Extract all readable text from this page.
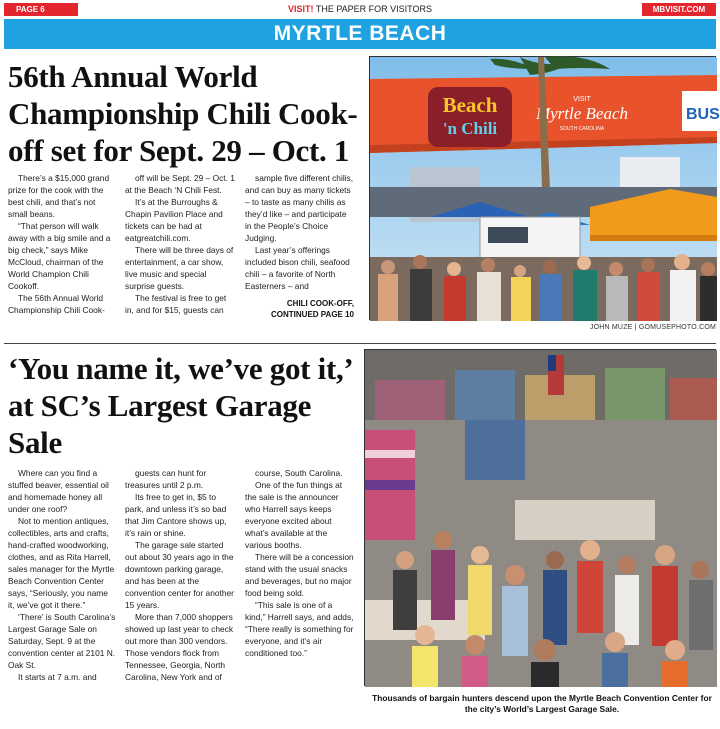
PAGE 6	VISIT! THE PAPER FOR VISITORS	MBVISIT.COM
MYRTLE BEACH
56th Annual World Championship Chili Cook-off set for Sept. 29 – Oct. 1

There’s a $15,000 grand prize for the cook with the best chili, and that’s not small beans.

“That person will walk away with a big smile and a big check,” says Mike McCloud, chairman of the World Champion Chili Cookoff.

The 56th Annual World Championship Chili Cook-

off will be Sept. 29 – Oct. 1 at the Beach ‘N Chili Fest.

It’s at the Burroughs & Chapin Pavilion Place and tickets can be had at eatgreatchili.com.

There will be three days of entertainment, a car show, live music and special surprise guests.

The festival is free to get in, and for $15, guests can

sample five different chilis, and can buy as many tickets – to taste as many chilis as they’d like – and participate in the People’s Choice Judging.

Last year’s offerings included bison chili, seafood chili – a favorite of North Easterners – and

CHILI COOK-OFF,
CONTINUED PAGE 10
Beach
'n Chili
VISIT
Myrtle Beach
SOUTH CAROLINA
BUS
JOHN MUZE | GOMUSEPHOTO.COM
‘You name it, we’ve got it,’ at SC’s Largest Garage Sale

Where can you find a stuffed beaver, essential oil and homemade honey all under one roof?

Not to mention antiques, collectibles, arts and crafts, hand-crafted woodworking, clothes, and as Rita Harrell, sales manager for the Myrtle Beach Convention Center says, “Seriously, you name it, we’ve got it there.”

‘There’ is South Carolina’s Largest Garage Sale on Saturday, Sept. 9 at the convention center at 2101 N. Oak St.

It starts at 7 a.m. and

guests can hunt for treasures until 2 p.m.

Its free to get in, $5 to park, and unless it’s so bad that Jim Cantore shows up, it’s rain or shine.

The garage sale started out about 30 years ago in the downtown parking garage, and has been at the convention center for another 15 years.

More than 7,000 shoppers showed up last year to check out more than 300 vendors. Those vendors flock from Tennessee, Georgia, North Carolina, New York and of

course, South Carolina.

One of the fun things at the sale is the announcer who Harrell says keeps everyone excited about what’s available at the various booths.

There will be a concession stand with the usual snacks and beverages, but no major food being sold.

“This sale is one of a kind,” Harrell says, and adds, “There really is something for everyone, and it’s air conditioned too.”

Thousands of bargain hunters descend upon the Myrtle Beach Convention Center for the city’s World’s Largest Garage Sale.
